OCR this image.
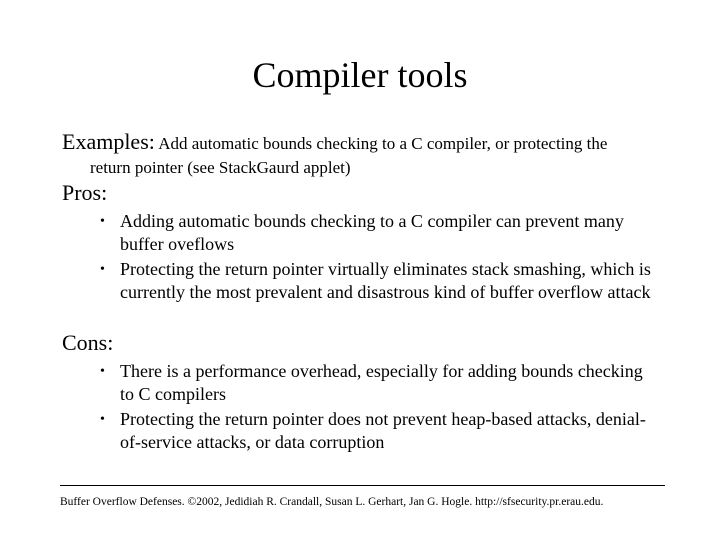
Compiler tools
Examples: Add automatic bounds checking to a C compiler, or protecting the
return pointer (see StackGaurd applet)
Pros:
• Adding automatic bounds checking to a C compiler can prevent many buffer oveflows
• Protecting the return pointer virtually eliminates stack smashing, which is currently the most prevalent and disastrous kind of buffer overflow attack
Cons:
• There is a performance overhead, especially for adding bounds checking to C compilers
• Protecting the return pointer does not prevent heap-based attacks, denial-of-service attacks, or data corruption
Buffer Overflow Defenses. ©2002, Jedidiah R. Crandall, Susan L. Gerhart, Jan G. Hogle. http://sfsecurity.pr.erau.edu.
